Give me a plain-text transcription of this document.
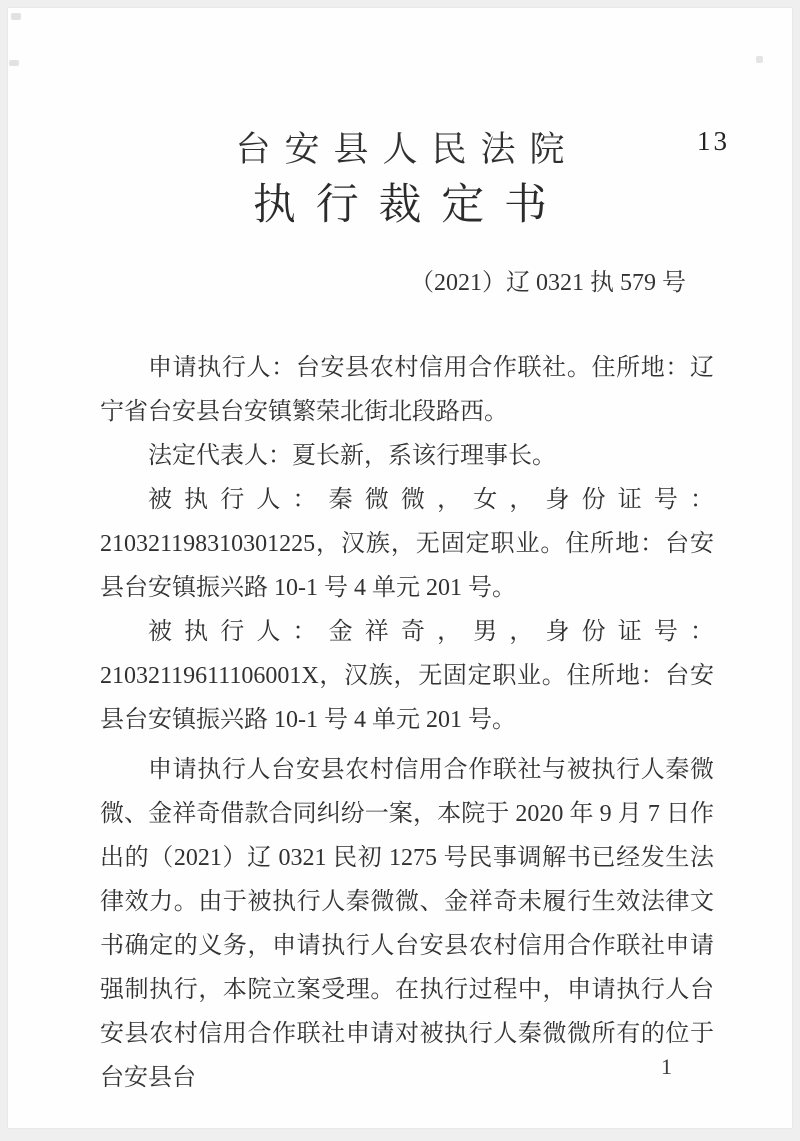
13
台安县人民法院
执行裁定书
（2021）辽 0321 执 579 号

申请执行人：台安县农村信用合作联社。住所地：辽宁省台安县台安镇繁荣北街北段路西。

法定代表人：夏长新，系该行理事长。

被执行人：秦微微，女，身份证号：210321198310301225，汉族，无固定职业。住所地：台安县台安镇振兴路 10-1 号 4 单元 201 号。

被执行人：金祥奇，男，身份证号：21032119611106001X，汉族，无固定职业。住所地：台安县台安镇振兴路 10-1 号 4 单元 201 号。

申请执行人台安县农村信用合作联社与被执行人秦微微、金祥奇借款合同纠纷一案，本院于 2020 年 9 月 7 日作出的（2021）辽 0321 民初 1275 号民事调解书已经发生法律效力。由于被执行人秦微微、金祥奇未履行生效法律文书确定的义务，申请执行人台安县农村信用合作联社申请强制执行，本院立案受理。在执行过程中，申请执行人台安县农村信用合作联社申请对被执行人秦微微所有的位于台安县台	1
